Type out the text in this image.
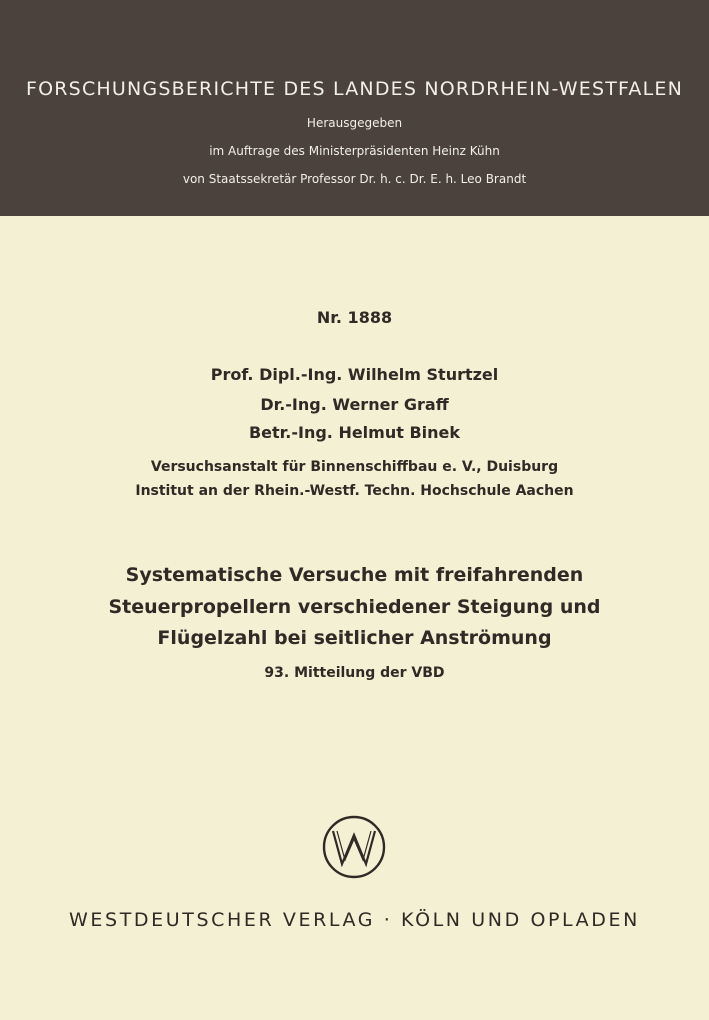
FORSCHUNGSBERICHTE DES LANDES NORDRHEIN-WESTFALEN
Herausgegeben
im Auftrage des Ministerpräsidenten Heinz Kühn
von Staatssekretär Professor Dr. h. c. Dr. E. h. Leo Brandt
Nr. 1888
Prof. Dipl.-Ing. Wilhelm Sturtzel
Dr.-Ing. Werner Graff
Betr.-Ing. Helmut Binek
Versuchsanstalt für Binnenschiffbau e. V., Duisburg
Institut an der Rhein.-Westf. Techn. Hochschule Aachen
Systematische Versuche mit freifahrenden
Steuerpropellern verschiedener Steigung und
Flügelzahl bei seitlicher Anströmung
93. Mitteilung der VBD
WESTDEUTSCHER VERLAG · KÖLN UND OPLADEN
